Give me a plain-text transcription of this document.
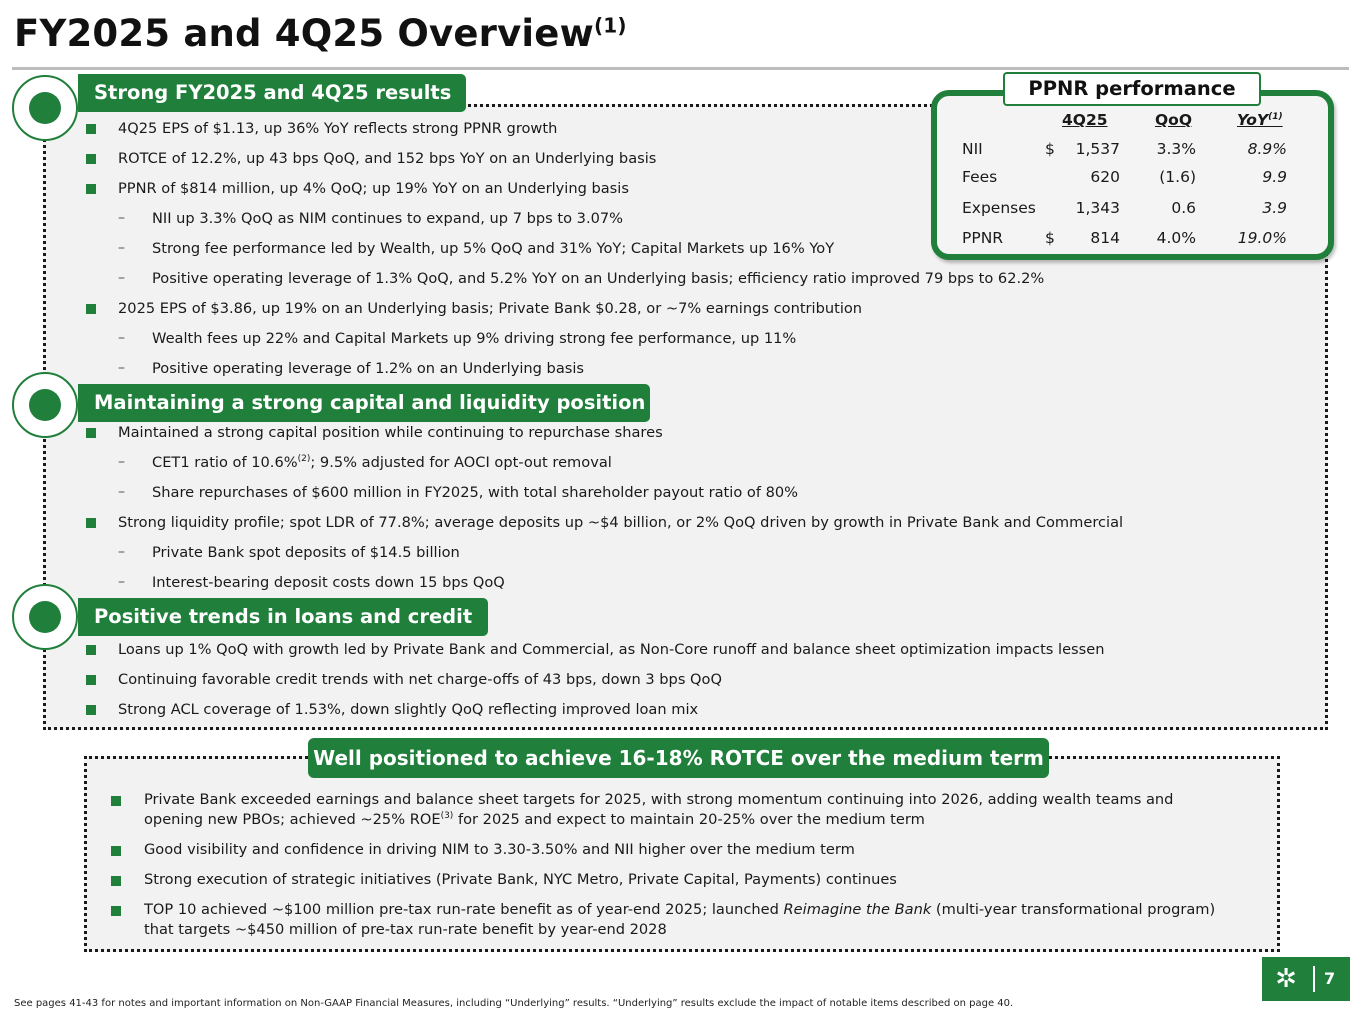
FY2025 and 4Q25 Overview$^{(1)}$
Strong FY2025 and 4Q25 results
4Q25 EPS of $1.13, up 36% YoY reflects strong PPNR growth
ROTCE of 12.2%, up 43 bps QoQ, and 152 bps YoY on an Underlying basis
PPNR of $814 million, up 4% QoQ; up 19% YoY on an Underlying basis
– NII up 3.3% QoQ as NIM continues to expand, up 7 bps to 3.07%
– Strong fee performance led by Wealth, up 5% QoQ and 31% YoY; Capital Markets up 16% YoY
– Positive operating leverage of 1.3% QoQ, and 5.2% YoY on an Underlying basis; efficiency ratio improved 79 bps to 62.2%
2025 EPS of $3.86, up 19% on an Underlying basis; Private Bank $0.28, or ~7% earnings contribution
– Wealth fees up 22% and Capital Markets up 9% driving strong fee performance, up 11%
– Positive operating leverage of 1.2% on an Underlying basis
Maintaining a strong capital and liquidity position
Maintained a strong capital position while continuing to repurchase shares
– CET1 ratio of 10.6%$^{(2)}$; 9.5% adjusted for AOCI opt-out removal
– Share repurchases of $600 million in FY2025, with total shareholder payout ratio of 80%
Strong liquidity profile; spot LDR of 77.8%; average deposits up ~$4 billion, or 2% QoQ driven by growth in Private Bank and Commercial
– Private Bank spot deposits of $14.5 billion
– Interest-bearing deposit costs down 15 bps QoQ
Positive trends in loans and credit
Loans up 1% QoQ with growth led by Private Bank and Commercial, as Non-Core runoff and balance sheet optimization impacts lessen
Continuing favorable credit trends with net charge-offs of 43 bps, down 3 bps QoQ
Strong ACL coverage of 1.53%, down slightly QoQ reflecting improved loan mix
PPNR performance
4Q25	QoQ	YoY$^{(1)}$
NII	$	1,537	3.3%	8.9%
Fees	620	(1.6)	9.9
Expenses	1,343	0.6	3.9
PPNR	$	814	4.0%	19.0%
Well positioned to achieve 16-18% ROTCE over the medium term
Private Bank exceeded earnings and balance sheet targets for 2025, with strong momentum continuing into 2026, adding wealth teams and
opening new PBOs; achieved ~25% ROE$^{(3)}$ for 2025 and expect to maintain 20-25% over the medium term
Good visibility and confidence in driving NIM to 3.30-3.50% and NII higher over the medium term
Strong execution of strategic initiatives (Private Bank, NYC Metro, Private Capital, Payments) continues
TOP 10 achieved ~$100 million pre-tax run-rate benefit as of year-end 2025; launched Reimagine the Bank (multi-year transformational program)
that targets ~$450 million of pre-tax run-rate benefit by year-end 2028
✲	7
See pages 41-43 for notes and important information on Non-GAAP Financial Measures, including “Underlying” results. “Underlying” results exclude the impact of notable items described on page 40.
